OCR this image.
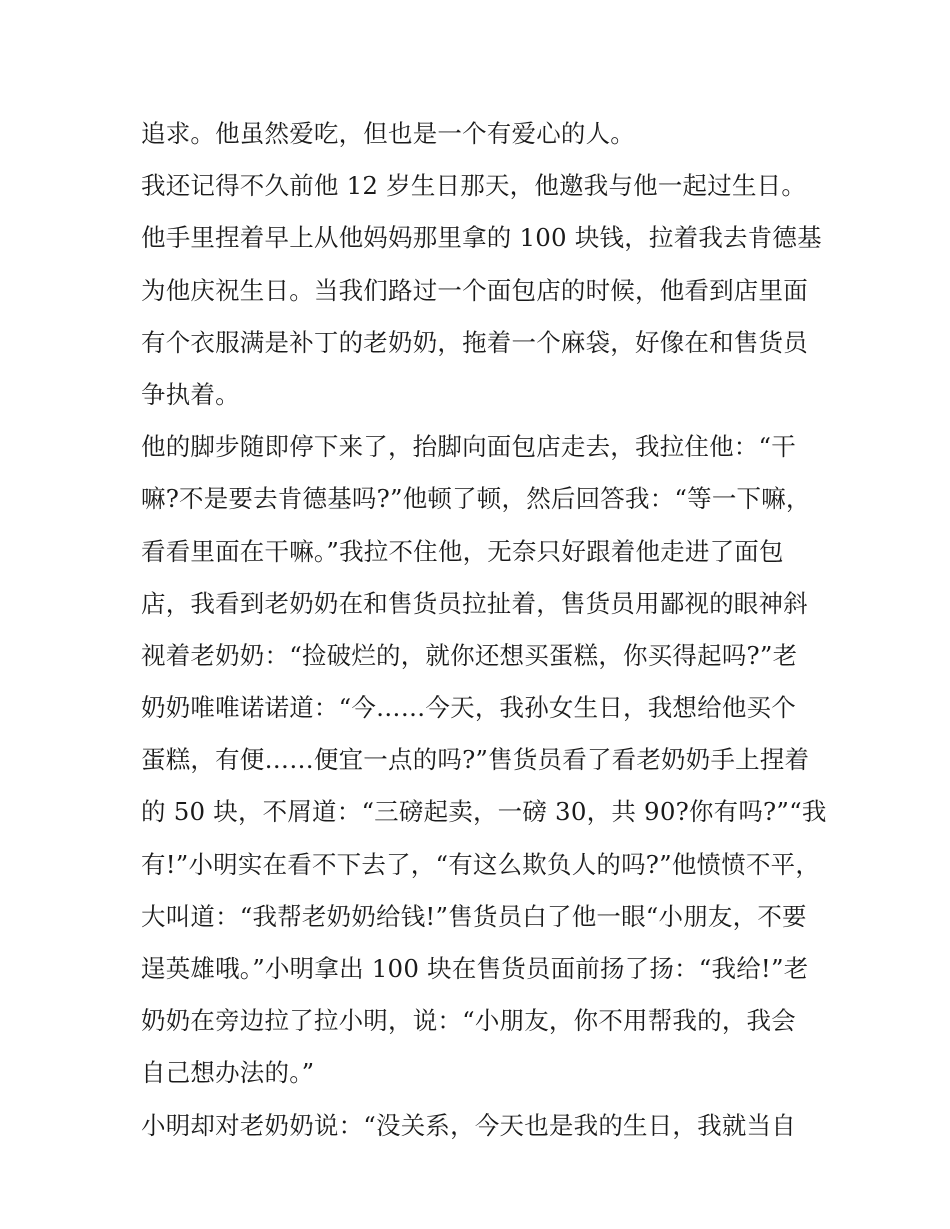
追求。他虽然爱吃，但也是一个有爱心的人。
我还记得不久前他 12 岁生日那天，他邀我与他一起过生日。
他手里捏着早上从他妈妈那里拿的 100 块钱，拉着我去肯德基
为他庆祝生日。当我们路过一个面包店的时候，他看到店里面
有个衣服满是补丁的老奶奶，拖着一个麻袋，好像在和售货员
争执着。
他的脚步随即停下来了，抬脚向面包店走去，我拉住他：“干
嘛?不是要去肯德基吗?”他顿了顿，然后回答我：“等一下嘛，
看看里面在干嘛。”我拉不住他，无奈只好跟着他走进了面包
店，我看到老奶奶在和售货员拉扯着，售货员用鄙视的眼神斜
视着老奶奶：“捡破烂的，就你还想买蛋糕，你买得起吗?”老
奶奶唯唯诺诺道：“今……今天，我孙女生日，我想给他买个
蛋糕，有便……便宜一点的吗?”售货员看了看老奶奶手上捏着
的 50 块，不屑道：“三磅起卖，一磅 30，共 90?你有吗?”“我
有!”小明实在看不下去了，“有这么欺负人的吗?”他愤愤不平，
大叫道：“我帮老奶奶给钱!”售货员白了他一眼“小朋友，不要
逞英雄哦。”小明拿出 100 块在售货员面前扬了扬：“我给!”老
奶奶在旁边拉了拉小明，说：“小朋友，你不用帮我的，我会
自己想办法的。”
小明却对老奶奶说：“没关系，今天也是我的生日，我就当自
